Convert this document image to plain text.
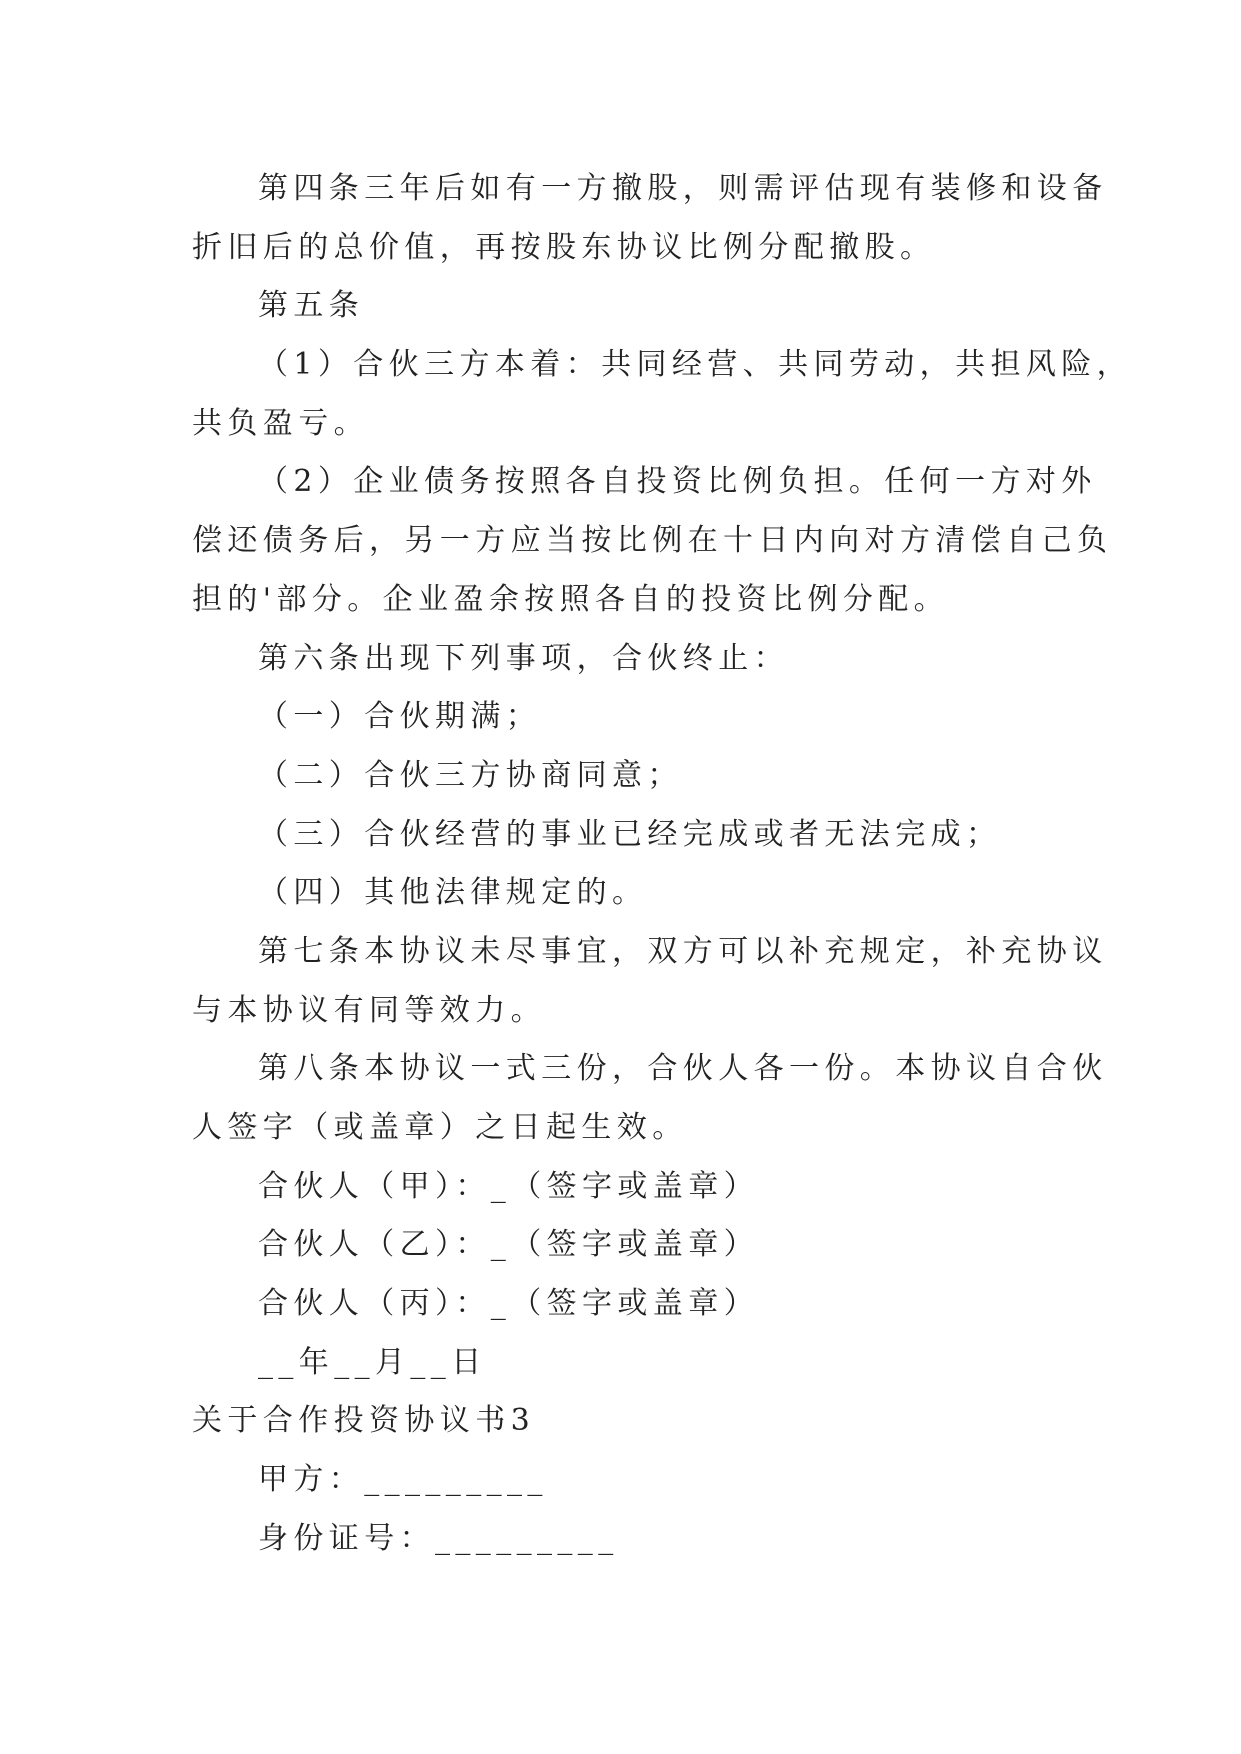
第四条三年后如有一方撤股，则需评估现有装修和设备

折旧后的总价值，再按股东协议比例分配撤股。

第五条

（1）合伙三方本着：共同经营、共同劳动，共担风险，

共负盈亏。

（2）企业债务按照各自投资比例负担。任何一方对外

偿还债务后，另一方应当按比例在十日内向对方清偿自己负

担的'部分。企业盈余按照各自的投资比例分配。

第六条出现下列事项，合伙终止：

（一）合伙期满；

（二）合伙三方协商同意；

（三）合伙经营的事业已经完成或者无法完成；

（四）其他法律规定的。

第七条本协议未尽事宜，双方可以补充规定，补充协议

与本协议有同等效力。

第八条本协议一式三份，合伙人各一份。本协议自合伙

人签字（或盖章）之日起生效。

合伙人（甲）：_（签字或盖章）

合伙人（乙）：_（签字或盖章）

合伙人（丙）：_（签字或盖章）

__年__月__日

关于合作投资协议书3

甲方：_________

身份证号：_________
